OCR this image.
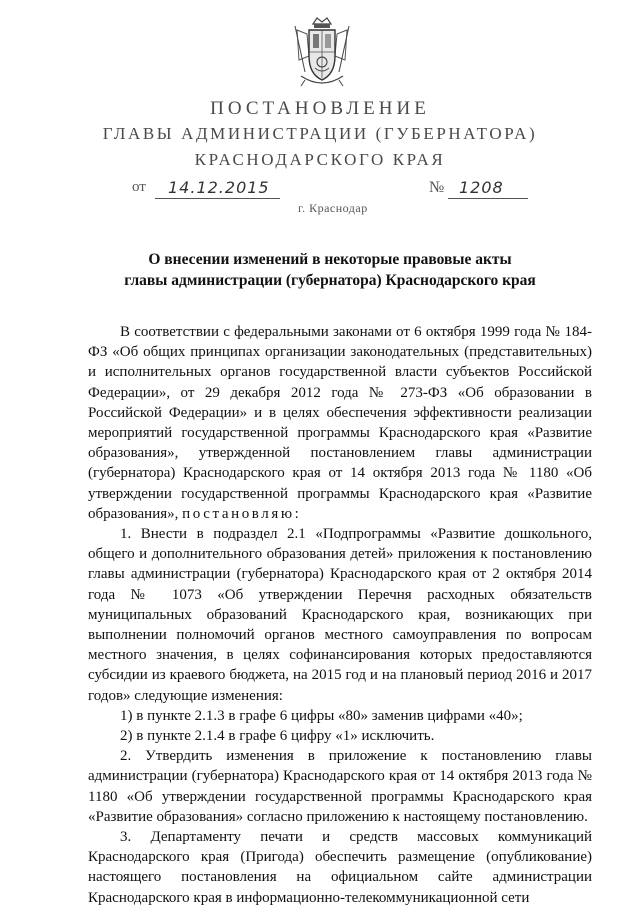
ПОСТАНОВЛЕНИЕ
ГЛАВЫ АДМИНИСТРАЦИИ (ГУБЕРНАТОРА)
КРАСНОДАРСКОГО КРАЯ
от 14.12.2015	№ 1208
г. Краснодар
О внесении изменений в некоторые правовые акты
главы администрации (губернатора) Краснодарского края

В соответствии с федеральными законами от 6 октября 1999 года № 184-ФЗ «Об общих принципах организации законодательных (представительных) и исполнительных органов государственной власти субъектов Российской Федерации», от 29 декабря 2012 года № 273-ФЗ «Об образовании в Российской Федерации» и в целях обеспечения эффективности реализации мероприятий государственной программы Краснодарского края «Развитие образования», утвержденной постановлением главы администрации (губернатора) Краснодарского края от 14 октября 2013 года № 1180 «Об утверждении государственной программы Краснодарского края «Развитие образования», постановляю:

1. Внести в подраздел 2.1 «Подпрограммы «Развитие дошкольного, общего и дополнительного образования детей» приложения к постановлению главы администрации (губернатора) Краснодарского края от 2 октября 2014 года № 1073 «Об утверждении Перечня расходных обязательств муниципальных образований Краснодарского края, возникающих при выполнении полномочий органов местного самоуправления по вопросам местного значения, в целях софинансирования которых предоставляются субсидии из краевого бюджета, на 2015 год и на плановый период 2016 и 2017 годов» следующие изменения:

1) в пункте 2.1.3 в графе 6 цифры «80» заменив цифрами «40»;

2) в пункте 2.1.4 в графе 6 цифру «1» исключить.

2. Утвердить изменения в приложение к постановлению главы администрации (губернатора) Краснодарского края от 14 октября 2013 года № 1180 «Об утверждении государственной программы Краснодарского края «Развитие образования» согласно приложению к настоящему постановлению.

3. Департаменту печати и средств массовых коммуникаций Краснодарского края (Пригода) обеспечить размещение (опубликование) настоящего постановления на официальном сайте администрации Краснодарского края в информационно-телекоммуникационной сети
